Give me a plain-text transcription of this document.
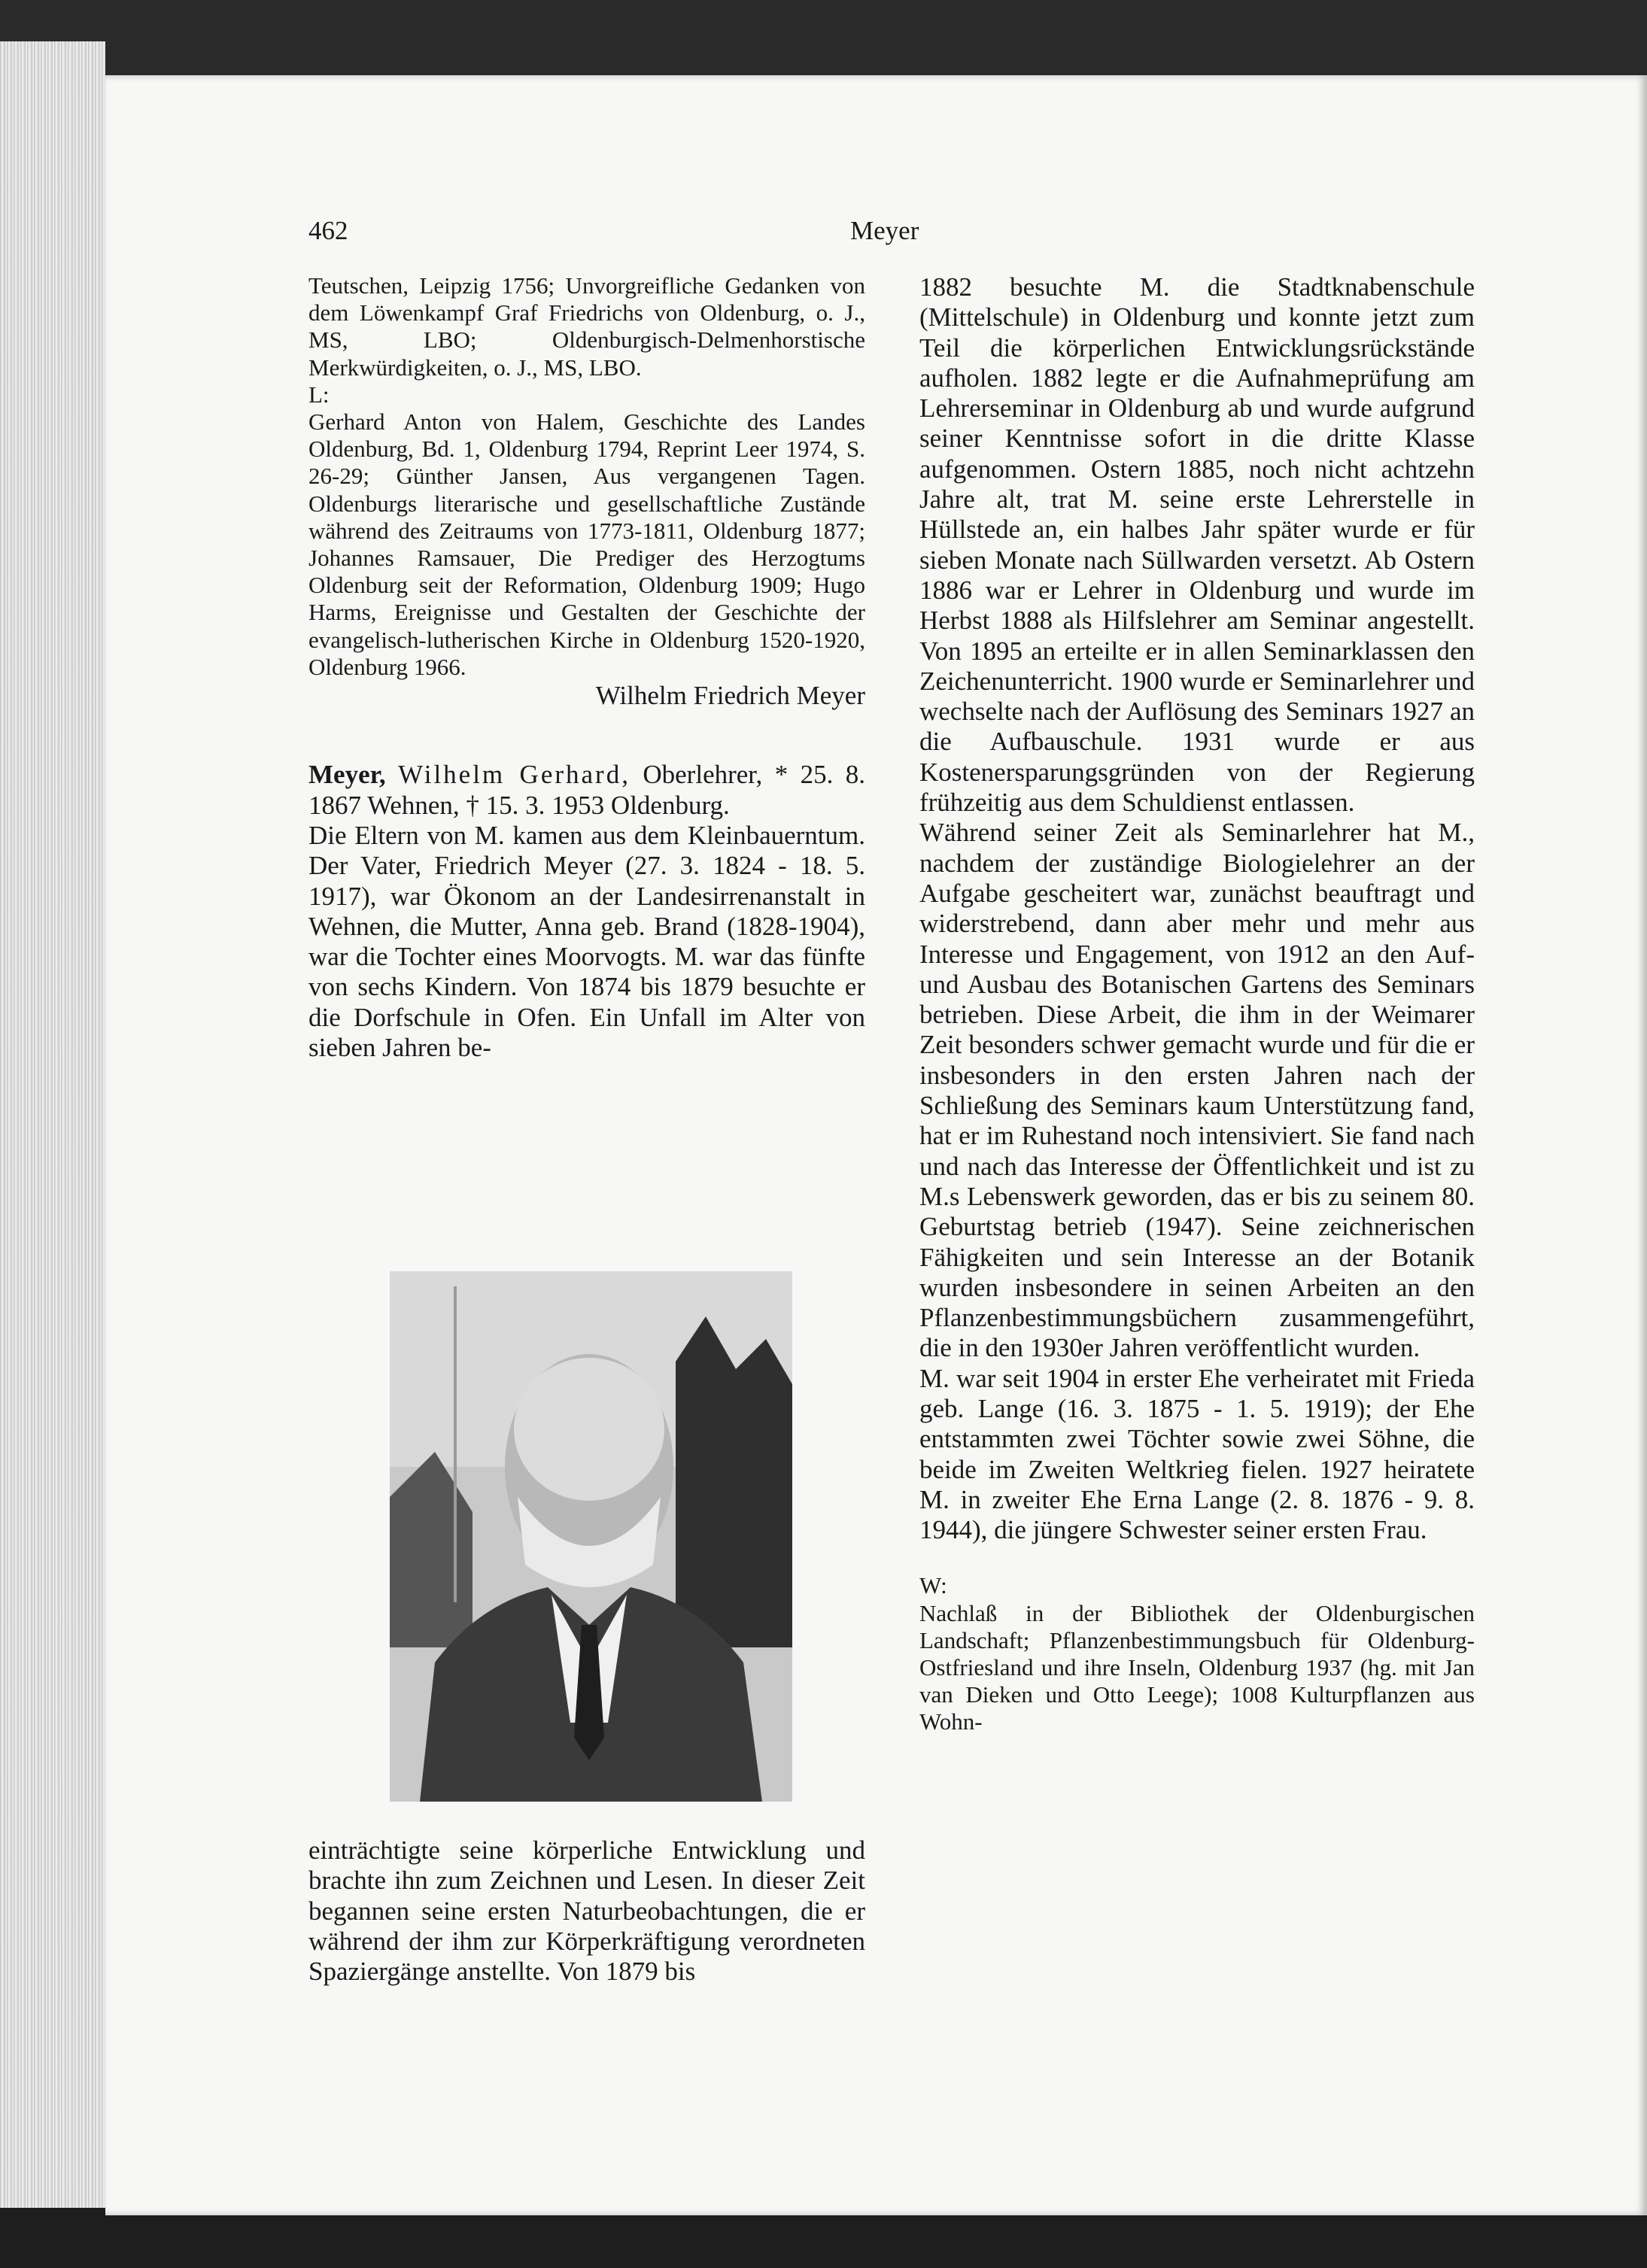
462	Meyer

Teutschen, Leipzig 1756; Unvorgreifliche Gedanken von dem Löwenkampf Graf Friedrichs von Oldenburg, o. J., MS, LBO; Oldenburgisch-Delmenhorstische Merkwürdigkeiten, o. J., MS, LBO.

L:

Gerhard Anton von Halem, Geschichte des Landes Oldenburg, Bd. 1, Oldenburg 1794, Reprint Leer 1974, S. 26-29; Günther Jansen, Aus vergangenen Tagen. Oldenburgs literarische und gesellschaftliche Zustände während des Zeitraums von 1773-1811, Oldenburg 1877; Johannes Ramsauer, Die Prediger des Herzogtums Oldenburg seit der Reformation, Oldenburg 1909; Hugo Harms, Ereignisse und Gestalten der Geschichte der evangelisch-lutherischen Kirche in Oldenburg 1520-1920, Oldenburg 1966.

Wilhelm Friedrich Meyer

Meyer, Wilhelm Gerhard, Oberlehrer, * 25. 8. 1867 Wehnen, † 15. 3. 1953 Oldenburg.

Die Eltern von M. kamen aus dem Kleinbauerntum. Der Vater, Friedrich Meyer (27. 3. 1824 - 18. 5. 1917), war Ökonom an der Landesirrenanstalt in Wehnen, die Mutter, Anna geb. Brand (1828-1904), war die Tochter eines Moorvogts. M. war das fünfte von sechs Kindern. Von 1874 bis 1879 besuchte er die Dorfschule in Ofen. Ein Unfall im Alter von sieben Jahren be-

einträchtigte seine körperliche Entwicklung und brachte ihn zum Zeichnen und Lesen. In dieser Zeit begannen seine ersten Naturbeobachtungen, die er während der ihm zur Körperkräftigung verordneten Spaziergänge anstellte. Von 1879 bis

1882 besuchte M. die Stadtknabenschule (Mittelschule) in Oldenburg und konnte jetzt zum Teil die körperlichen Entwicklungsrückstände aufholen. 1882 legte er die Aufnahmeprüfung am Lehrerseminar in Oldenburg ab und wurde aufgrund seiner Kenntnisse sofort in die dritte Klasse aufgenommen. Ostern 1885, noch nicht achtzehn Jahre alt, trat M. seine erste Lehrerstelle in Hüllstede an, ein halbes Jahr später wurde er für sieben Monate nach Süllwarden versetzt. Ab Ostern 1886 war er Lehrer in Oldenburg und wurde im Herbst 1888 als Hilfslehrer am Seminar angestellt. Von 1895 an erteilte er in allen Seminarklassen den Zeichenunterricht. 1900 wurde er Seminarlehrer und wechselte nach der Auflösung des Seminars 1927 an die Aufbauschule. 1931 wurde er aus Kostenersparungsgründen von der Regierung frühzeitig aus dem Schuldienst entlassen.

Während seiner Zeit als Seminarlehrer hat M., nachdem der zuständige Biologielehrer an der Aufgabe gescheitert war, zunächst beauftragt und widerstrebend, dann aber mehr und mehr aus Interesse und Engagement, von 1912 an den Auf- und Ausbau des Botanischen Gartens des Seminars betrieben. Diese Arbeit, die ihm in der Weimarer Zeit besonders schwer gemacht wurde und für die er insbesonders in den ersten Jahren nach der Schließung des Seminars kaum Unterstützung fand, hat er im Ruhestand noch intensiviert. Sie fand nach und nach das Interesse der Öffentlichkeit und ist zu M.s Lebenswerk geworden, das er bis zu seinem 80. Geburtstag betrieb (1947). Seine zeichnerischen Fähigkeiten und sein Interesse an der Botanik wurden insbesondere in seinen Arbeiten an den Pflanzenbestimmungsbüchern zusammengeführt, die in den 1930er Jahren veröffentlicht wurden.

M. war seit 1904 in erster Ehe verheiratet mit Frieda geb. Lange (16. 3. 1875 - 1. 5. 1919); der Ehe entstammten zwei Töchter sowie zwei Söhne, die beide im Zweiten Weltkrieg fielen. 1927 heiratete M. in zweiter Ehe Erna Lange (2. 8. 1876 - 9. 8. 1944), die jüngere Schwester seiner ersten Frau.

W:

Nachlaß in der Bibliothek der Oldenburgischen Landschaft; Pflanzenbestimmungsbuch für Oldenburg-Ostfriesland und ihre Inseln, Oldenburg 1937 (hg. mit Jan van Dieken und Otto Leege); 1008 Kulturpflanzen aus Wohn-
